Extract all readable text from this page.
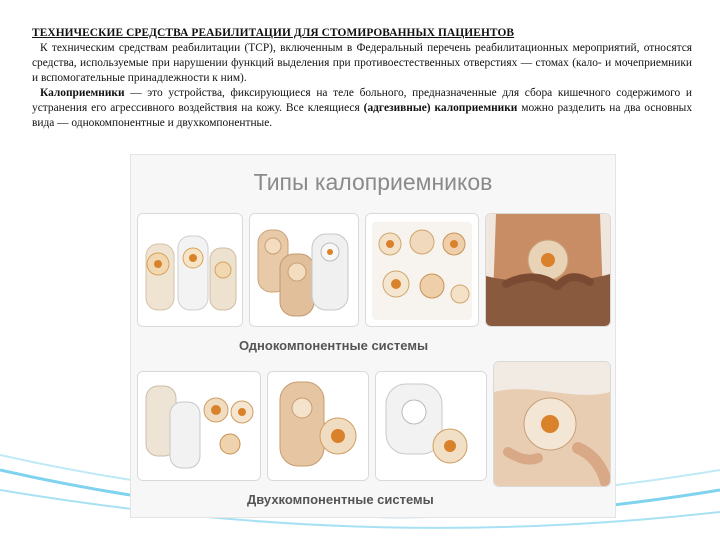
ТЕХНИЧЕСКИЕ СРЕДСТВА РЕАБИЛИТАЦИИ ДЛЯ СТОМИРОВАННЫХ ПАЦИЕНТОВ

К техническим средствам реабилитации (ТСР), включенным в Федеральный перечень реабилитационных мероприятий, относятся средства, используемые при нарушении функций выделения при противоестественных отверстиях — стомах (кало- и мочеприемники и вспомогательные принадлежности к ним).

Калоприемники — это устройства, фиксирующиеся на теле больного, предназначенные для сбора кишечного содержимого и устранения его агрессивного воздействия на кожу. Все клеящиеся (адгезивные) калоприемники можно разделить на два основных вида — однокомпонентные и двухкомпонентные.

Типы калоприемников
Однокомпонентные системы
Двухкомпонентные системы
